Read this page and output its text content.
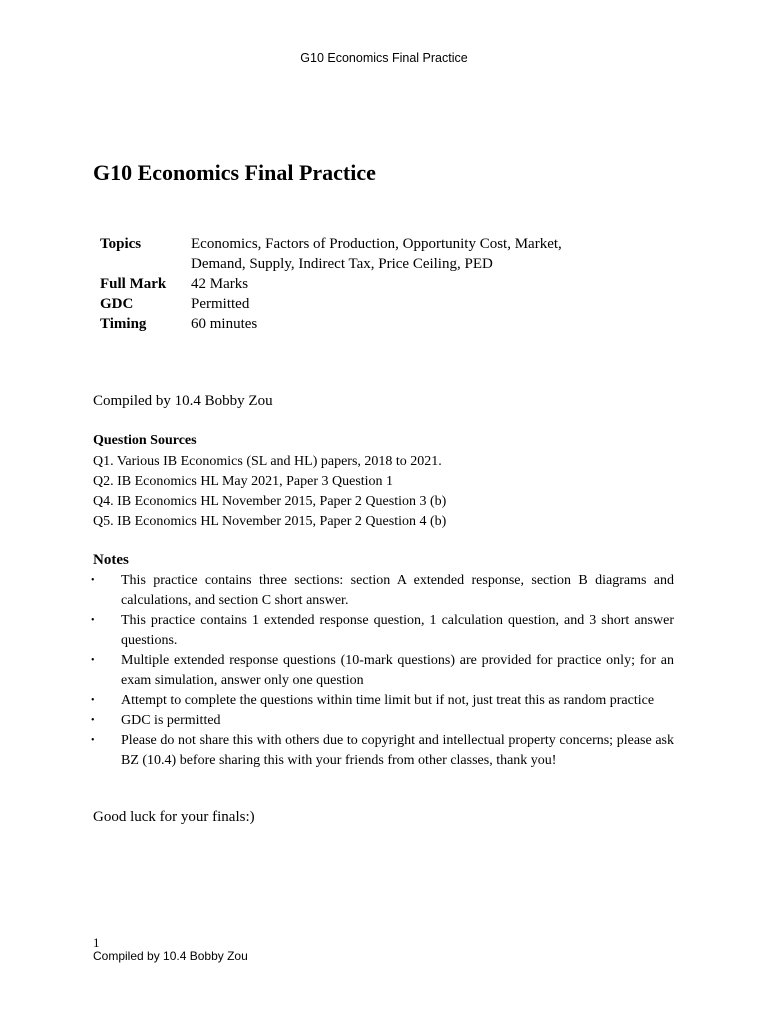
G10 Economics Final Practice
G10 Economics Final Practice
Topics	Economics, Factors of Production, Opportunity Cost, Market, Demand, Supply, Indirect Tax, Price Ceiling, PED
Full Mark	42 Marks
GDC	Permitted
Timing	60 minutes
Compiled by 10.4 Bobby Zou
Question Sources
Q1. Various IB Economics (SL and HL) papers, 2018 to 2021.
Q2. IB Economics HL May 2021, Paper 3 Question 1
Q4. IB Economics HL November 2015, Paper 2 Question 3 (b)
Q5. IB Economics HL November 2015, Paper 2 Question 4 (b)
Notes
• This practice contains three sections: section A extended response, section B diagrams and calculations, and section C short answer.
• This practice contains 1 extended response question, 1 calculation question, and 3 short answer questions.
• Multiple extended response questions (10-mark questions) are provided for practice only; for an exam simulation, answer only one question
• Attempt to complete the questions within time limit but if not, just treat this as random practice
• GDC is permitted
• Please do not share this with others due to copyright and intellectual property concerns; please ask BZ (10.4) before sharing this with your friends from other classes, thank you!
Good luck for your finals:)
1
Compiled by 10.4 Bobby Zou
